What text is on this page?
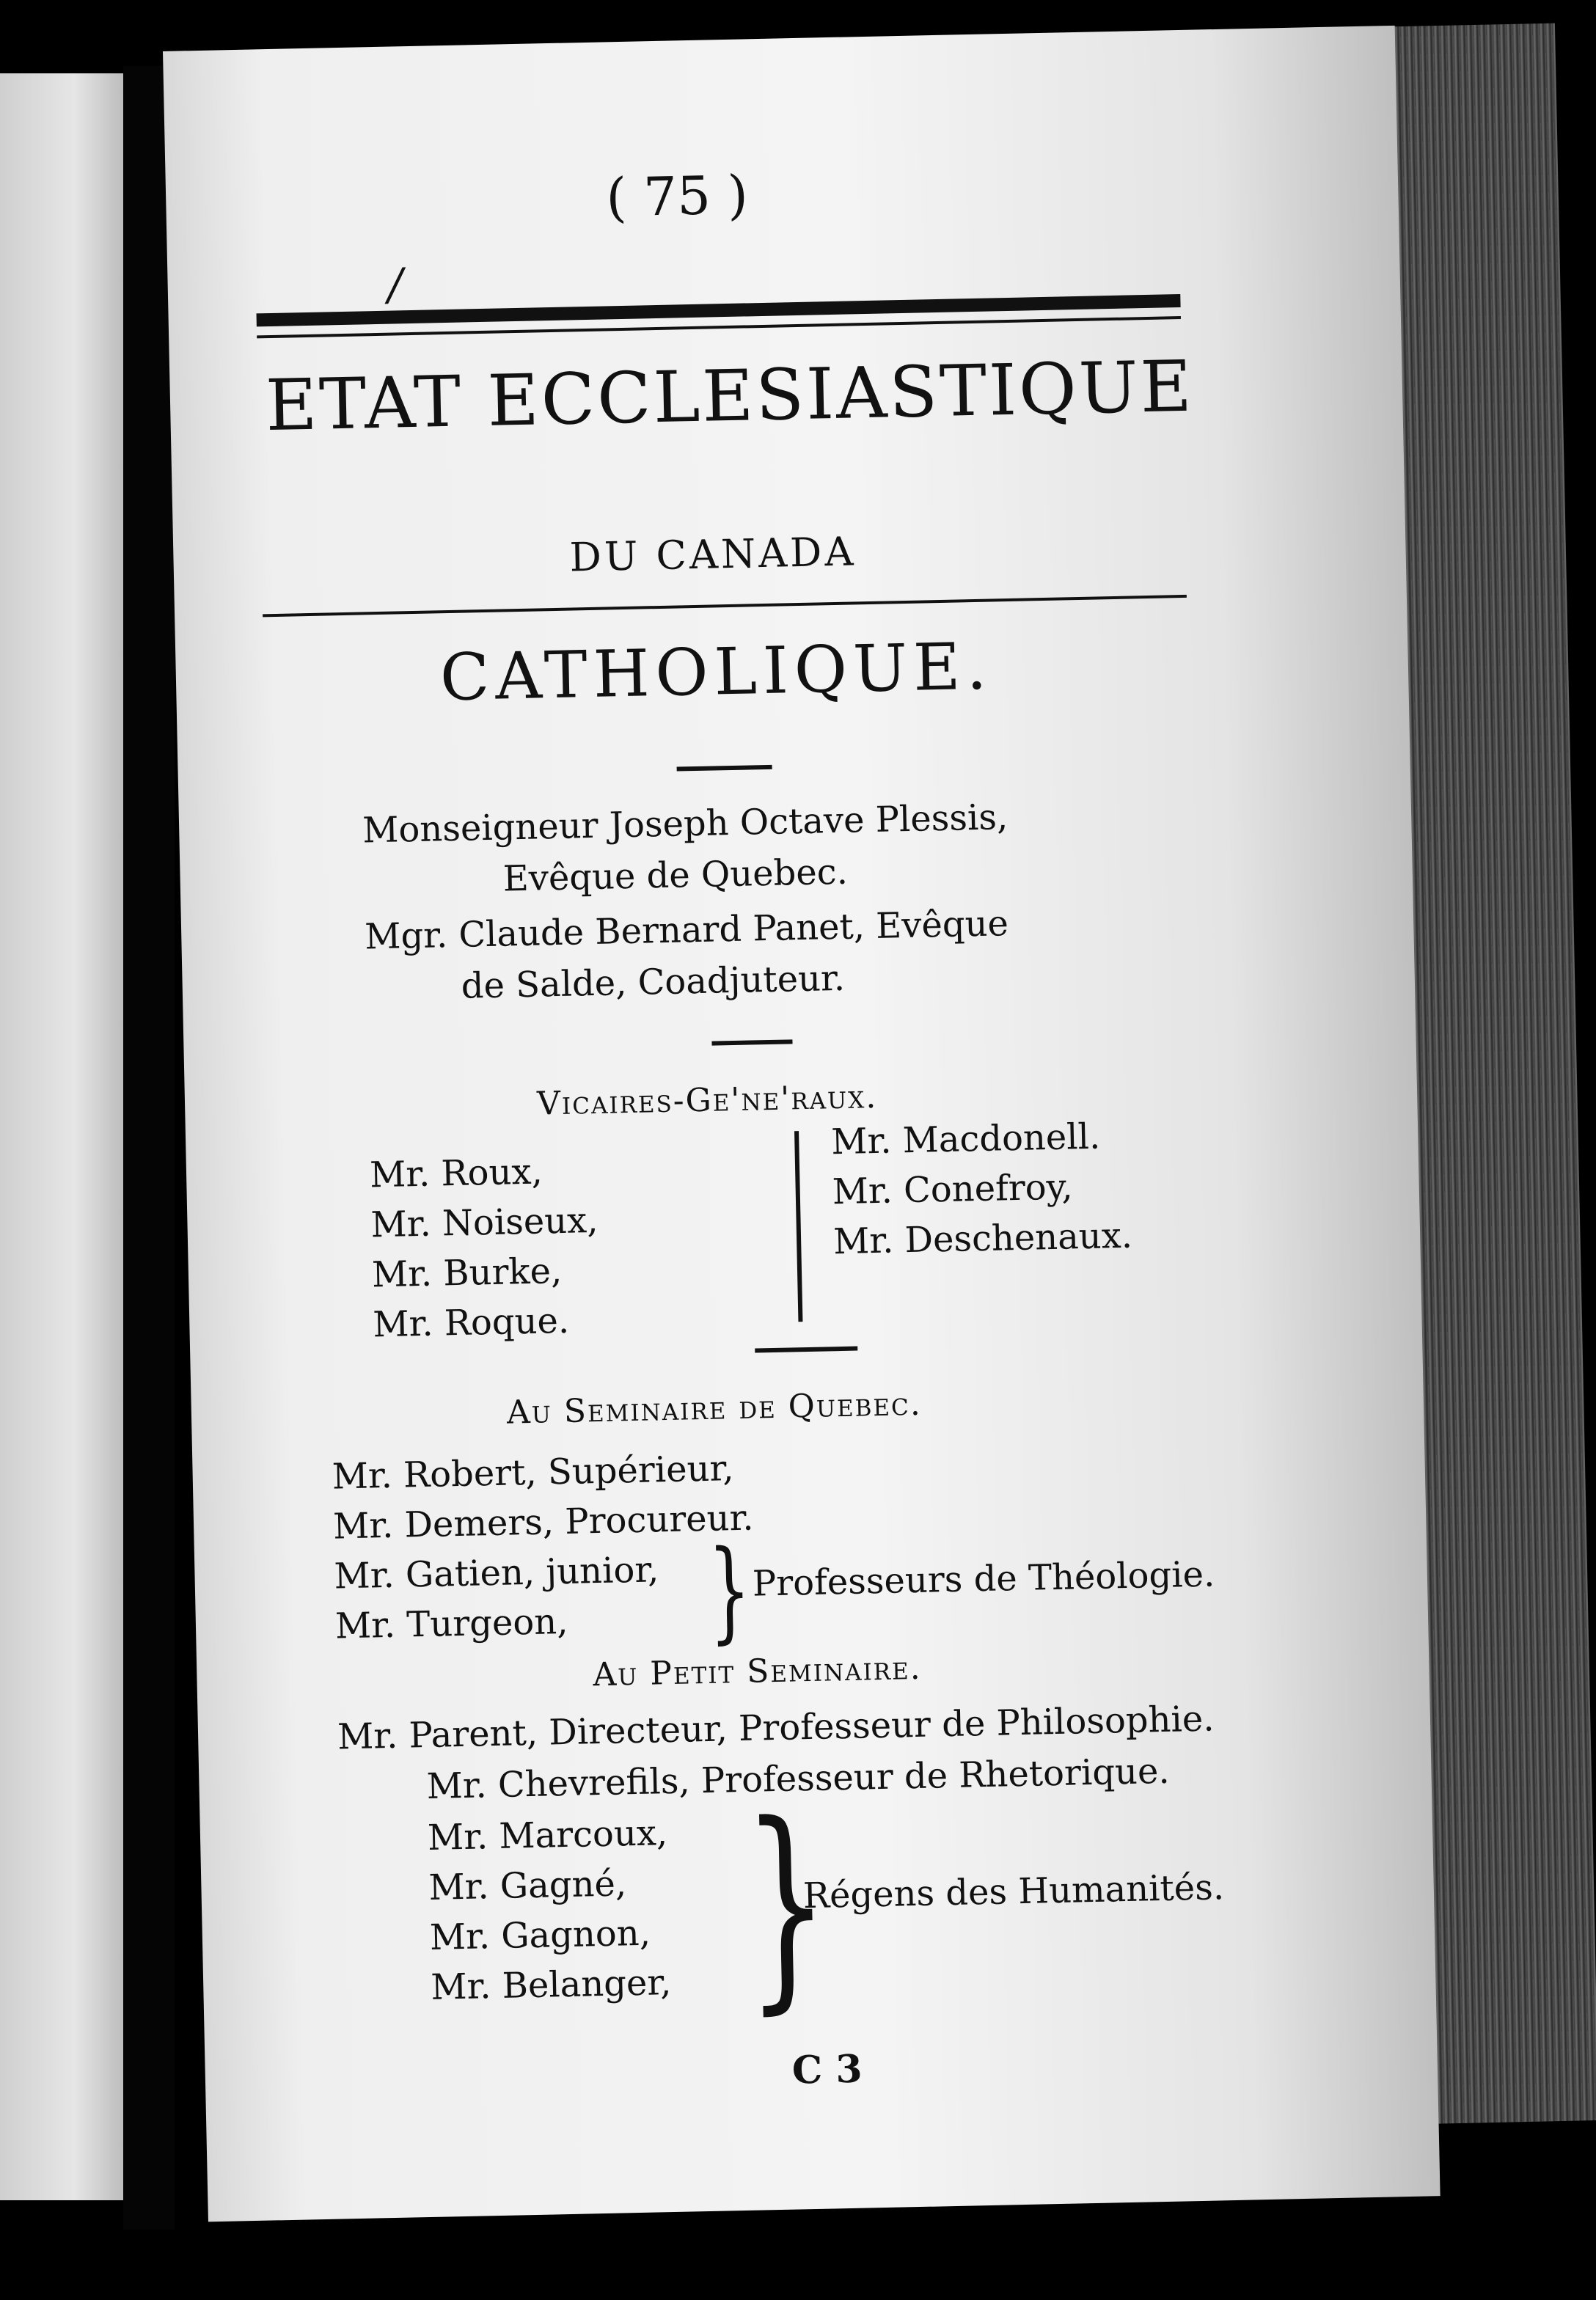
( 75 )
/
ETAT ECCLESIASTIQUE
DU CANADA
CATHOLIQUE.
Monseigneur Joseph Octave Plessis,
Evêque de Quebec.
Mgr. Claude Bernard Panet, Evêque
de Salde, Coadjuteur.
Vicaires-Ge'ne'raux.
Mr. Roux,
Mr. Noiseux,
Mr. Burke,
Mr. Roque.
Mr. Macdonell.
Mr. Conefroy,
Mr. Deschenaux.
Au Seminaire de Quebec.
Mr. Robert, Supérieur,
Mr. Demers, Procureur.
Mr. Gatien, junior,
Mr. Turgeon, } Professeurs de Théologie.
Au Petit Seminaire.
Mr. Parent, Directeur, Professeur de Philosophie.
Mr. Chevrefils, Professeur de Rhetorique.
Mr. Marcoux,
Mr. Gagné,
Mr. Gagnon,
Mr. Belanger, }
Régens des Humanités.
C 3
